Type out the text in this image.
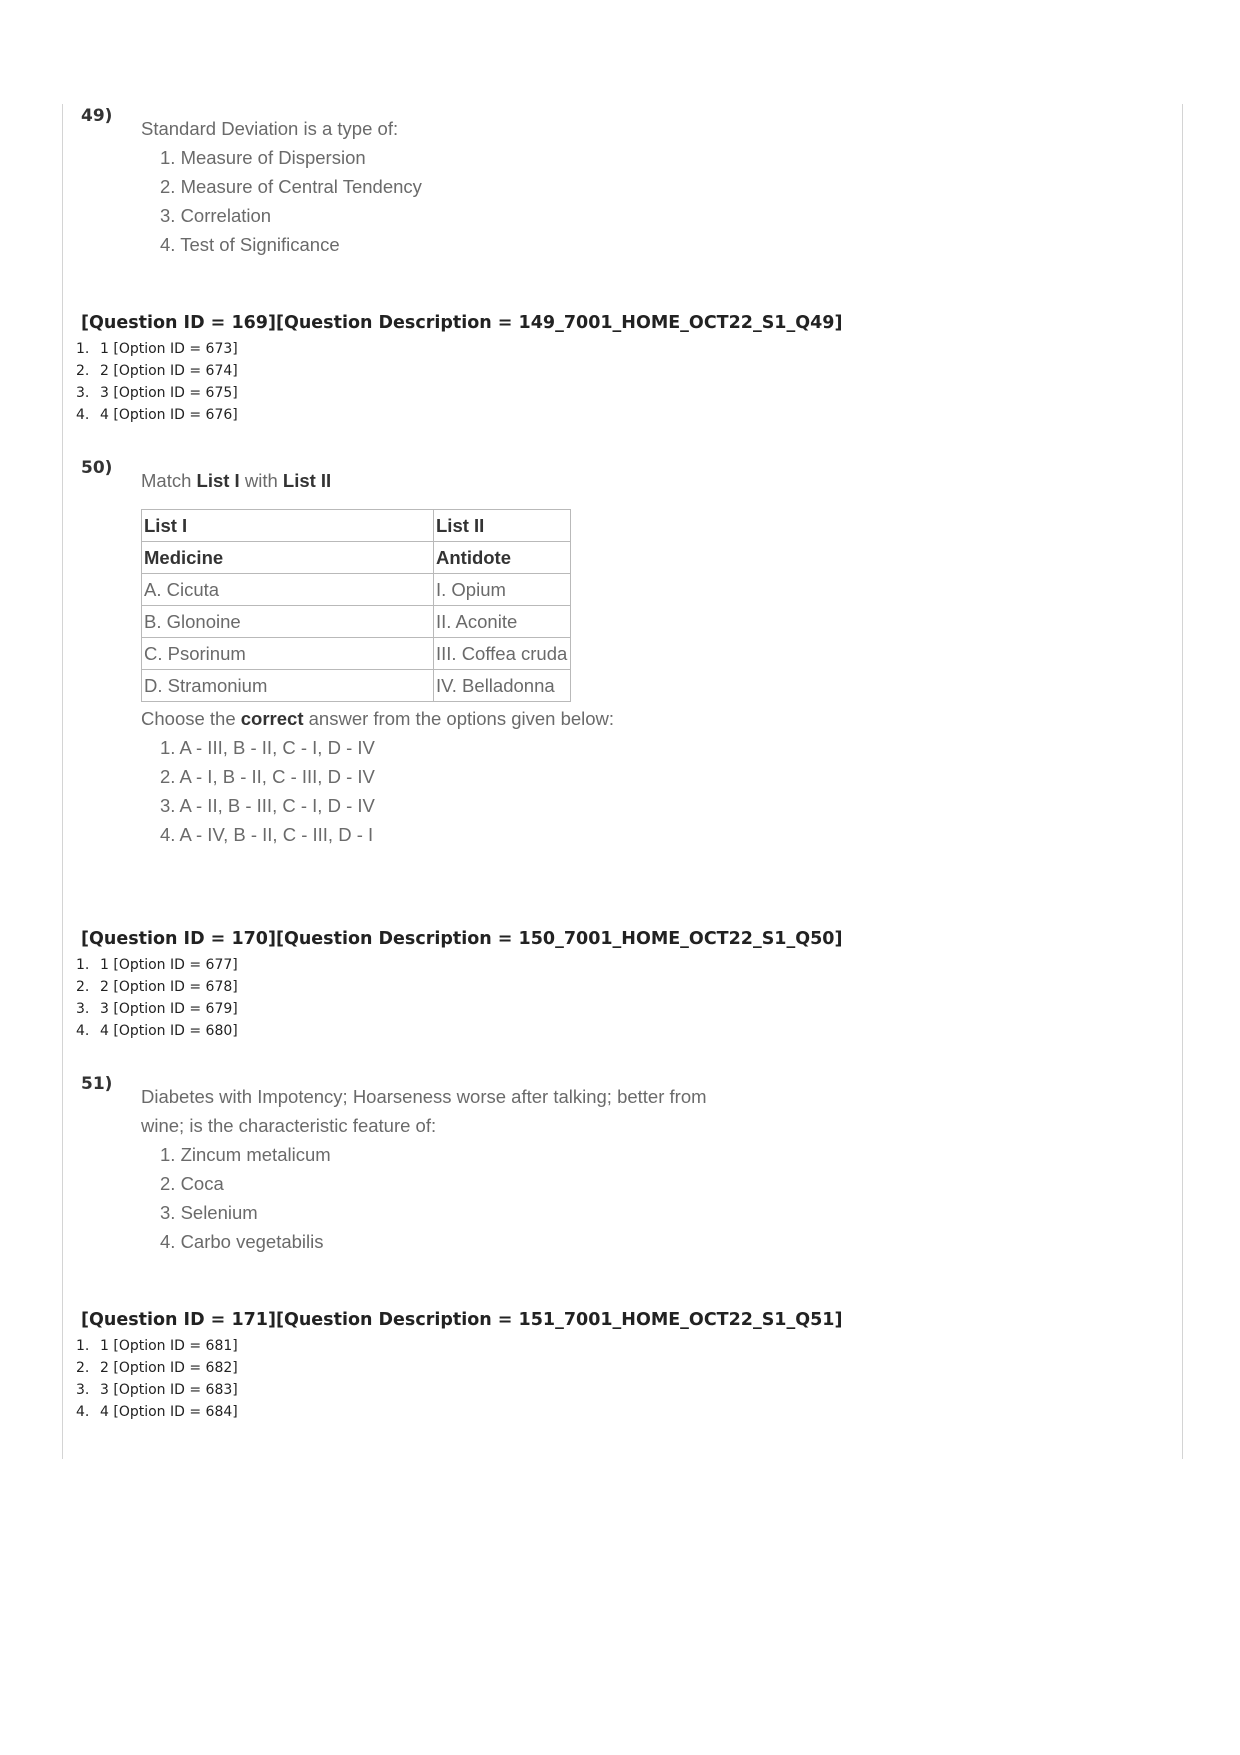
49)

Standard Deviation is a type of:

1. Measure of Dispersion
2. Measure of Central Tendency
3. Correlation
4. Test of Significance
[Question ID = 169][Question Description = 149_7001_HOME_OCT22_S1_Q49]
1. 1 [Option ID = 673]
2. 2 [Option ID = 674]
3. 3 [Option ID = 675]
4. 4 [Option ID = 676]
50)

Match List I with List II

List I	List II
Medicine	Antidote
A. Cicuta	I. Opium
B. Glonoine	II. Aconite
C. Psorinum	III. Coffea cruda
D. Stramonium	IV. Belladonna

Choose the correct answer from the options given below:

1. A - III, B - II, C - I, D - IV
2. A - I, B - II, C - III, D - IV
3. A - II, B - III, C - I, D - IV
4. A - IV, B - II, C - III, D - I
[Question ID = 170][Question Description = 150_7001_HOME_OCT22_S1_Q50]
1. 1 [Option ID = 677]
2. 2 [Option ID = 678]
3. 3 [Option ID = 679]
4. 4 [Option ID = 680]
51)

Diabetes with Impotency; Hoarseness worse after talking; better from

wine; is the characteristic feature of:

1. Zincum metalicum
2. Coca
3. Selenium
4. Carbo vegetabilis
[Question ID = 171][Question Description = 151_7001_HOME_OCT22_S1_Q51]
1. 1 [Option ID = 681]
2. 2 [Option ID = 682]
3. 3 [Option ID = 683]
4. 4 [Option ID = 684]
